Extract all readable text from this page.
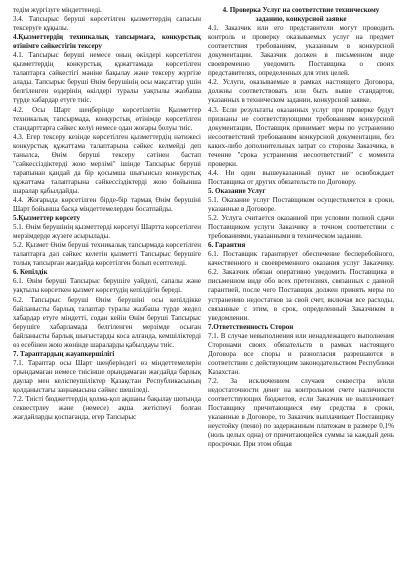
тедім жүргізуге міндеттенеді.

3.4. Тапсырыс беруші көрсетілген қызметтердің сапасын тексеруге құқылы.

4.Қызметтердің техникалық тапсырмаға, конкурстық өтінімге сәйкестігін тексеру

4.1. Тапсырыс беруші немесе оның өкілдері көрсетілген қызметтердің конкурстық құжаттамада көрсетілген талаптарға сәйкестігі мәніне бақылау және тексеру жүргізе алады. Тапсырыс беруші Өнім берушінің осы мақсаттар үшін белгіленген өздерінің өкілдері туралы уақтылы жазбаша түрде хабардар етуге тиіс.

4.2. Осы Шарт шеңберінде көрсетілетін Қызметтер техникалық тапсырмада, конкурстық өтінімде көрсетілген стандарттарға сәйкес келуі немесе одан жоғары болуы тиіс.

4.3. Егер тексеру кезінде көрсетілген қызметтердің нәтижесі конкурстық құжаттама талаптарына сәйкес келмейді деп танылса, Өнім беруші тексеру сәтінен бастап "сәйкессіздіктерді жою мерзімі" ішінде Тапсырыс беруші тарапынан қандай да бір қосымша шығынсыз конкурстық құжаттама талаптарына сәйкессіздіктерді жою бойынша шаралар қабылдайды.

4.4. Жоғарыда көрсетілген бірде-бір тармақ Өнім берушіні Шарт бойынша басқа міндеттемелерден босатпайды.

5.Қызметтер көрсету

5.1. Өнім берушінің қызметтерді көрсетуі Шартта көрсетілген мерзімдерде жүзеге асырылады.

5.2. Қызмет Өнім беруші техникалық тапсырмада көрсетілген талаптарға дәл сәйкес келетін қызметті Тапсырыс берушіге толық тапсырған жағдайда көрсетілген болып есептеледі.

6. Кепілдік

6.1. Өнім беруші Тапсырыс берушіге уәйделі, сапалы және уақтылы көрсеткен қызмет көрсетудің кепілдігін береді.

6.2. Тапсырыс беруші Өнім берушіні осы кепілдікке байланысты барлық талаптар туралы жазбаша түрде жедел хабардар етуге міндетті, содан кейін Өнім беруші Тапсырыс берушіге хабарламада белгіленген мерзімде осыған байланысты барлық шығыстарды коса алғанда, кемшіліктерді өз есебінен жою жөнінде шараларды қабылдауы тиіс.

7. Тараптардың жауапкершілігі

7.1. Тараптар осы Шарт шеңберіндегі өз міндеттемелерін орындамаған немесе тиісінше орындамаған жағдайда барлық даулар мен келіспеушіліктер Қазақстан Республикасының қолданыстағы заңнамасына сәйкес шешіледі.

7.2. Тиісті бюджеттердің қолма-қол ақшаны бақылау шотында секвестрлеу және (немесе) ақша жетіспеуі болған жағдайларды қоспағанда, егер Тапсырыс

4. Проверка Услуг на соответствие техническому заданию, конкурсной заявке

4.1. Заказчик или его представители могут проводить контроль и проверку оказываемых услуг на предмет соответствия требованиям, указанным в конкурсной документации. Заказчик должен в письменном виде своевременно уведомить Поставщика о своих представителях, определенных для этих целей.

4.2. Услуги, оказываемые в рамках настоящего Договора, должны соответствовать или быть выше стандартов, указанных в техническом задании, конкурсной заявке.

4.3. Если результаты оказанных услуг при проверке будут признаны не соответствующими требованиям конкурсной документации, Поставщик принимает меры по устранению несоответствий требованиям конкурсной документации, без каких-либо дополнительных затрат со стороны Заказчика, в течение "срока устранения несоответствий" с момента проверки.

4.4. Ни один вышеуказанный пункт не освобождает Поставщика от других обязательств по Договору.

5. Оказание Услуг

5.1. Оказание услуг Поставщиком осуществляется в сроки, указанные в Договоре.

5.2. Услуга считается оказанной при условии полной сдачи Поставщиком услуги Заказчику в точном соответствии с требованиями, указанными в техническом задании.

6. Гарантия

6.1. Поставщик гарантирует обеспечение бесперебойного, качественного и своевременного оказания услуг Заказчику. 6.2. Заказчик обязан оперативно уведомить Поставщика в письменном виде обо всех претензиях, связанных с данной гарантией, после чего Поставщик должен принять меры по устранению недостатков за свой счет, включая все расходы, связанные с этим, в срок, определенный Заказчиком в уведомлении.

7.Ответственность Сторон

7.1. В случае невыполнения или ненадлежащего выполнения Сторонами своих обязательств в рамках настоящего Договора все споры и разногласия разрешаются в соответствии с действующим законодательством Республики Казахстан.

7.2. За исключением случаев секвестра и/или недостаточности денег на контрольном счете наличности соответствующих бюджетов, если Заказчик не выплачивает Поставщику причитающиеся ему средства в сроки, указанные в Договоре, то Заказчик выплачивает Поставщику неустойку (пеню) по задержанным платежам в размере 0,1% (ноль целых одна) от причитающейся суммы за каждый день просрочки. При этом общая
